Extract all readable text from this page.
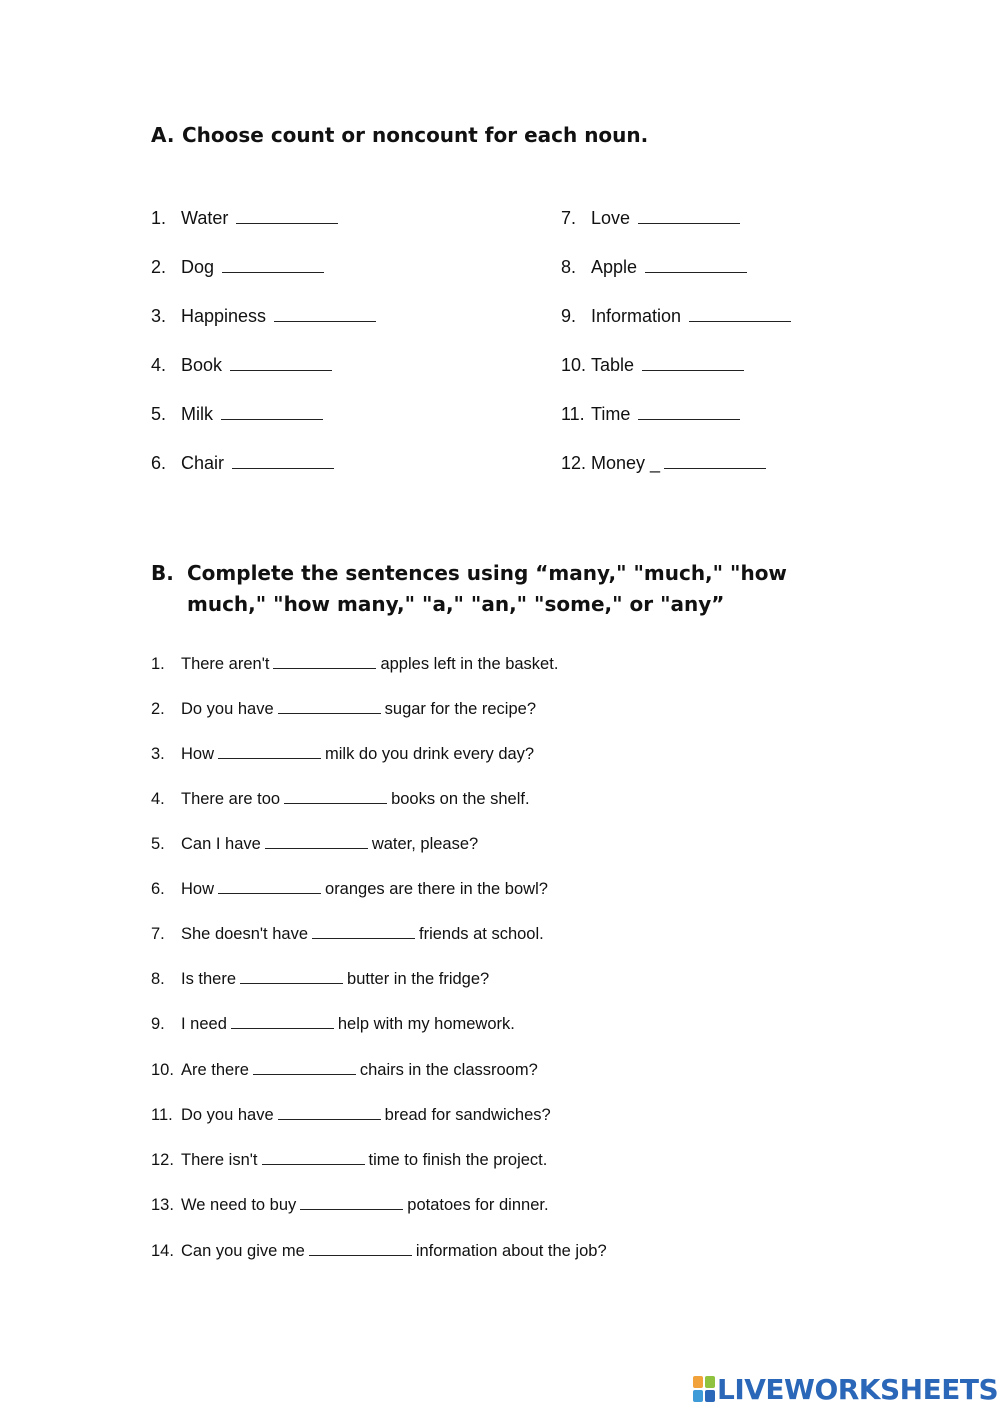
A. Choose count or noncount for each noun.
1. Water
2. Dog
3. Happiness
4. Book
5. Milk
6. Chair
7. Love
8. Apple
9. Information
10. Table
11. Time
12. Money _
B. Complete the sentences using “many," "much," "how much," "how many," "a," "an," "some," or "any”
1. There aren't	apples left in the basket.
2. Do you have	sugar for the recipe?
3. How	milk do you drink every day?
4. There are too	books on the shelf.
5. Can I have	water, please?
6. How	oranges are there in the bowl?
7. She doesn't have	friends at school.
8. Is there	butter in the fridge?
9. I need	help with my homework.
10. Are there	chairs in the classroom?
11. Do you have	bread for sandwiches?
12. There isn't	time to finish the project.
13. We need to buy	potatoes for dinner.
14. Can you give me	information about the job?
LIVEWORKSHEETS
